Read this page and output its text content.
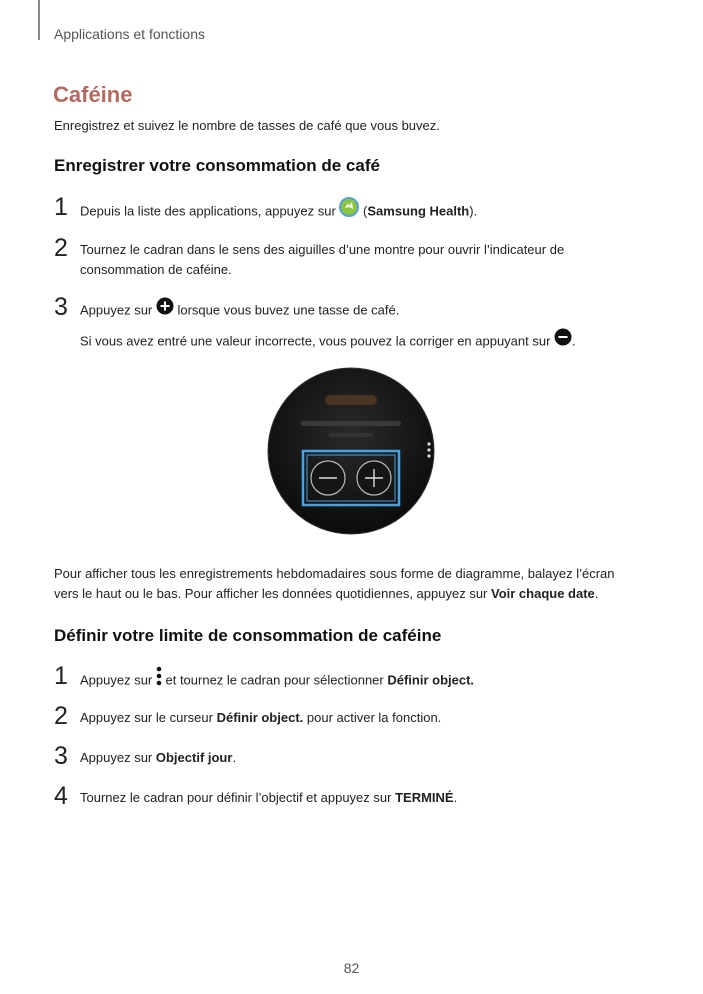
Applications et fonctions
Caféine
Enregistrez et suivez le nombre de tasses de café que vous buvez.
Enregistrer votre consommation de café
1 Depuis la liste des applications, appuyez sur  (Samsung Health).
2 Tournez le cadran dans le sens des aiguilles d’une montre pour ouvrir l’indicateur de
consommation de caféine.
3 Appuyez sur  lorsque vous buvez une tasse de café.
Si vous avez entré une valeur incorrecte, vous pouvez la corriger en appuyant sur .
Pour afficher tous les enregistrements hebdomadaires sous forme de diagramme, balayez l’écran
vers le haut ou le bas. Pour afficher les données quotidiennes, appuyez sur Voir chaque date.
Définir votre limite de consommation de caféine
1 Appuyez sur  et tournez le cadran pour sélectionner Définir object.
2 Appuyez sur le curseur Définir object. pour activer la fonction.
3 Appuyez sur Objectif jour.
4 Tournez le cadran pour définir l’objectif et appuyez sur TERMINÉ.
82
